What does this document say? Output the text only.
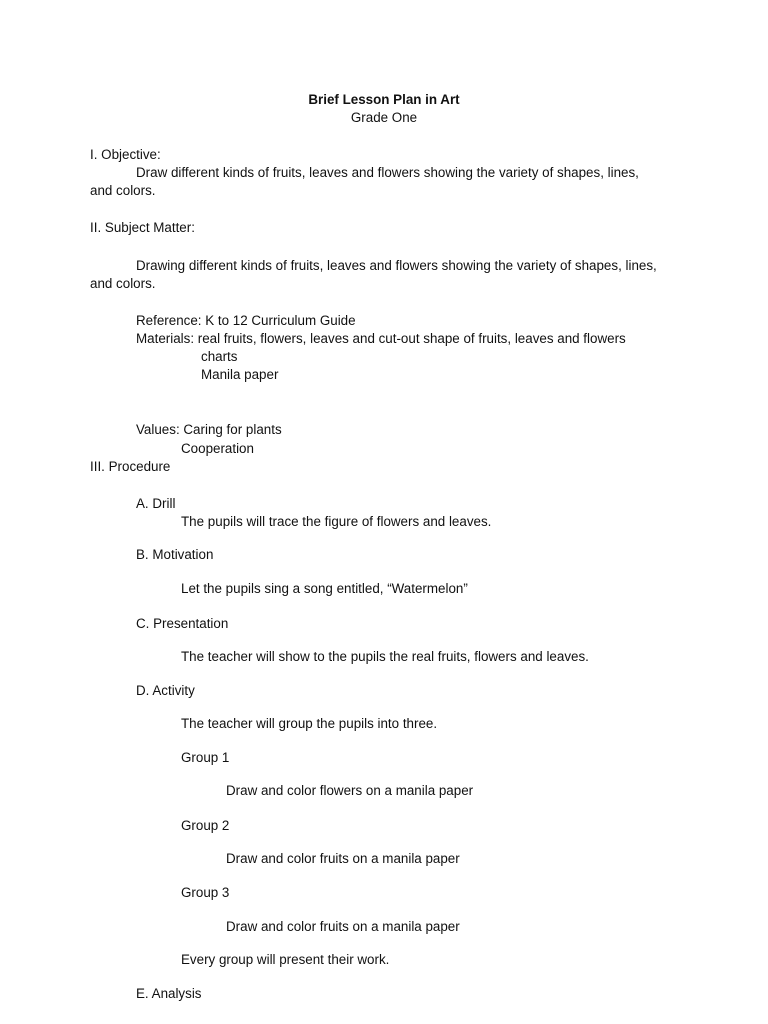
Brief Lesson Plan in Art
Grade One
I. Objective:
Draw different kinds of fruits, leaves and flowers showing the variety of shapes, lines,
and colors.
II. Subject Matter:
Drawing different kinds of fruits, leaves and flowers showing the variety of shapes, lines,
and colors.
Reference: K to 12 Curriculum Guide
Materials: real fruits, flowers, leaves and cut-out shape of fruits, leaves and flowers
charts
Manila paper
Values: Caring for plants
Cooperation
III. Procedure
A. Drill
The pupils will trace the figure of flowers and leaves.
B. Motivation
Let the pupils sing a song entitled, “Watermelon”
C. Presentation
The teacher will show to the pupils the real fruits, flowers and leaves.
D. Activity
The teacher will group the pupils into three.
Group 1
Draw and color flowers on a manila paper
Group 2
Draw and color fruits on a manila paper
Group 3
Draw and color fruits on a manila paper
Every group will present their work.
E. Analysis
